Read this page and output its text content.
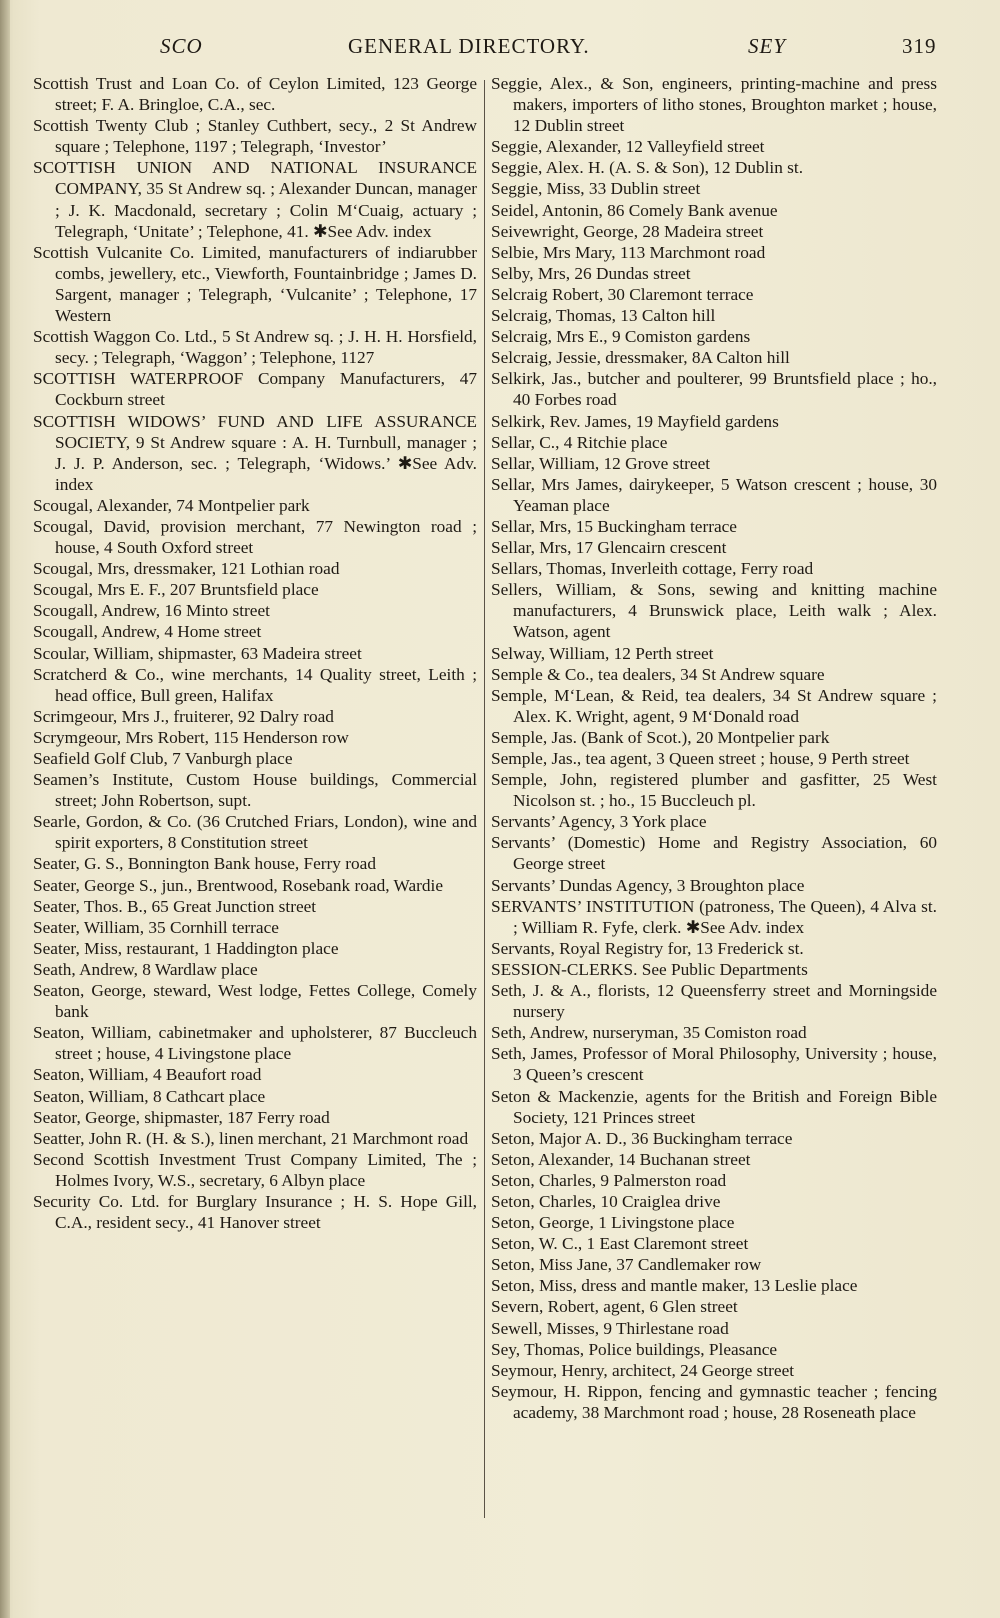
SCO	GENERAL DIRECTORY.	SEY	319

Scottish Trust and Loan Co. of Ceylon Limited, 123 George street; F. A. Bringloe, C.A., sec.

Scottish Twenty Club ; Stanley Cuthbert, secy., 2 St Andrew square ; Telephone, 1197 ; Telegraph, ‘Investor’

SCOTTISH UNION AND NATIONAL INSURANCE COMPANY, 35 St Andrew sq. ; Alexander Duncan, manager ; J. K. Macdonald, secretary ; Colin M‘Cuaig, actuary ; Telegraph, ‘Unitate’ ; Telephone, 41. ✱See Adv. index

Scottish Vulcanite Co. Limited, manufacturers of indiarubber combs, jewellery, etc., Viewforth, Fountainbridge ; James D. Sargent, manager ; Telegraph, ‘Vulcanite’ ; Telephone, 17 Western

Scottish Waggon Co. Ltd., 5 St Andrew sq. ; J. H. H. Horsfield, secy. ; Telegraph, ‘Waggon’ ; Telephone, 1127

SCOTTISH WATERPROOF Company Manufacturers, 47 Cockburn street

SCOTTISH WIDOWS’ FUND AND LIFE ASSURANCE SOCIETY, 9 St Andrew square : A. H. Turnbull, manager ; J. J. P. Anderson, sec. ; Telegraph, ‘Widows.’ ✱See Adv. index

Scougal, Alexander, 74 Montpelier park

Scougal, David, provision merchant, 77 Newington road ; house, 4 South Oxford street

Scougal, Mrs, dressmaker, 121 Lothian road

Scougal, Mrs E. F., 207 Bruntsfield place

Scougall, Andrew, 16 Minto street

Scougall, Andrew, 4 Home street

Scoular, William, shipmaster, 63 Madeira street

Scratcherd & Co., wine merchants, 14 Quality street, Leith ; head office, Bull green, Halifax

Scrimgeour, Mrs J., fruiterer, 92 Dalry road

Scrymgeour, Mrs Robert, 115 Henderson row

Seafield Golf Club, 7 Vanburgh place

Seamen’s Institute, Custom House buildings, Commercial street; John Robertson, supt.

Searle, Gordon, & Co. (36 Crutched Friars, London), wine and spirit exporters, 8 Constitution street

Seater, G. S., Bonnington Bank house, Ferry road

Seater, George S., jun., Brentwood, Rosebank road, Wardie

Seater, Thos. B., 65 Great Junction street

Seater, William, 35 Cornhill terrace

Seater, Miss, restaurant, 1 Haddington place

Seath, Andrew, 8 Wardlaw place

Seaton, George, steward, West lodge, Fettes College, Comely bank

Seaton, William, cabinetmaker and upholsterer, 87 Buccleuch street ; house, 4 Livingstone place

Seaton, William, 4 Beaufort road

Seaton, William, 8 Cathcart place

Seator, George, shipmaster, 187 Ferry road

Seatter, John R. (H. & S.), linen merchant, 21 Marchmont road

Second Scottish Investment Trust Company Limited, The ; Holmes Ivory, W.S., secretary, 6 Albyn place

Security Co. Ltd. for Burglary Insurance ; H. S. Hope Gill, C.A., resident secy., 41 Hanover street

Seggie, Alex., & Son, engineers, printing-machine and press makers, importers of litho stones, Broughton market ; house, 12 Dublin street

Seggie, Alexander, 12 Valleyfield street

Seggie, Alex. H. (A. S. & Son), 12 Dublin st.

Seggie, Miss, 33 Dublin street

Seidel, Antonin, 86 Comely Bank avenue

Seivewright, George, 28 Madeira street

Selbie, Mrs Mary, 113 Marchmont road

Selby, Mrs, 26 Dundas street

Selcraig Robert, 30 Claremont terrace

Selcraig, Thomas, 13 Calton hill

Selcraig, Mrs E., 9 Comiston gardens

Selcraig, Jessie, dressmaker, 8A Calton hill

Selkirk, Jas., butcher and poulterer, 99 Bruntsfield place ; ho., 40 Forbes road

Selkirk, Rev. James, 19 Mayfield gardens

Sellar, C., 4 Ritchie place

Sellar, William, 12 Grove street

Sellar, Mrs James, dairykeeper, 5 Watson crescent ; house, 30 Yeaman place

Sellar, Mrs, 15 Buckingham terrace

Sellar, Mrs, 17 Glencairn crescent

Sellars, Thomas, Inverleith cottage, Ferry road

Sellers, William, & Sons, sewing and knitting machine manufacturers, 4 Brunswick place, Leith walk ; Alex. Watson, agent

Selway, William, 12 Perth street

Semple & Co., tea dealers, 34 St Andrew square

Semple, M‘Lean, & Reid, tea dealers, 34 St Andrew square ; Alex. K. Wright, agent, 9 M‘Donald road

Semple, Jas. (Bank of Scot.), 20 Montpelier park

Semple, Jas., tea agent, 3 Queen street ; house, 9 Perth street

Semple, John, registered plumber and gasfitter, 25 West Nicolson st. ; ho., 15 Buccleuch pl.

Servants’ Agency, 3 York place

Servants’ (Domestic) Home and Registry Association, 60 George street

Servants’ Dundas Agency, 3 Broughton place

SERVANTS’ INSTITUTION (patroness, The Queen), 4 Alva st. ; William R. Fyfe, clerk. ✱See Adv. index

Servants, Royal Registry for, 13 Frederick st.

SESSION-CLERKS. See Public Departments

Seth, J. & A., florists, 12 Queensferry street and Morningside nursery

Seth, Andrew, nurseryman, 35 Comiston road

Seth, James, Professor of Moral Philosophy, University ; house, 3 Queen’s crescent

Seton & Mackenzie, agents for the British and Foreign Bible Society, 121 Princes street

Seton, Major A. D., 36 Buckingham terrace

Seton, Alexander, 14 Buchanan street

Seton, Charles, 9 Palmerston road

Seton, Charles, 10 Craiglea drive

Seton, George, 1 Livingstone place

Seton, W. C., 1 East Claremont street

Seton, Miss Jane, 37 Candlemaker row

Seton, Miss, dress and mantle maker, 13 Leslie place

Severn, Robert, agent, 6 Glen street

Sewell, Misses, 9 Thirlestane road

Sey, Thomas, Police buildings, Pleasance

Seymour, Henry, architect, 24 George street

Seymour, H. Rippon, fencing and gymnastic teacher ; fencing academy, 38 Marchmont road ; house, 28 Roseneath place
